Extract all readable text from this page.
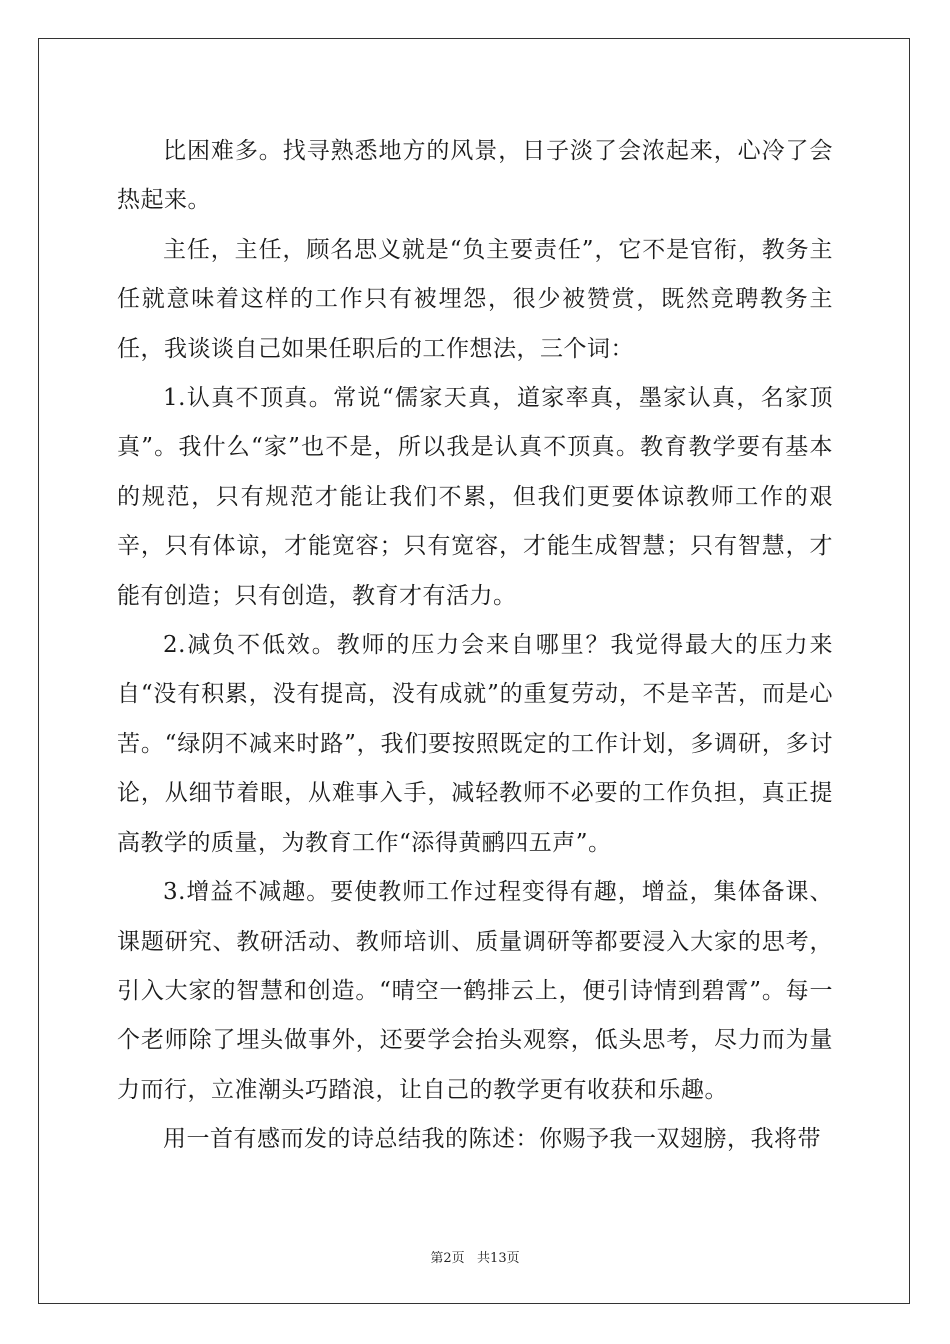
比困难多。找寻熟悉地方的风景，日子淡了会浓起来，心冷了会热起来。

主任，主任，顾名思义就是“负主要责任”，它不是官衔，教务主任就意味着这样的工作只有被埋怨，很少被赞赏，既然竞聘教务主任，我谈谈自己如果任职后的工作想法，三个词：

1.认真不顶真。常说“儒家天真，道家率真，墨家认真，名家顶真”。我什么“家”也不是，所以我是认真不顶真。教育教学要有基本的规范，只有规范才能让我们不累，但我们更要体谅教师工作的艰辛，只有体谅，才能宽容；只有宽容，才能生成智慧；只有智慧，才能有创造；只有创造，教育才有活力。

2.减负不低效。教师的压力会来自哪里？我觉得最大的压力来自“没有积累，没有提高，没有成就”的重复劳动，不是辛苦，而是心苦。“绿阴不减来时路”，我们要按照既定的工作计划，多调研，多讨论，从细节着眼，从难事入手，减轻教师不必要的工作负担，真正提高教学的质量，为教育工作“添得黄鹂四五声”。

3.增益不减趣。要使教师工作过程变得有趣，增益，集体备课、课题研究、教研活动、教师培训、质量调研等都要浸入大家的思考，引入大家的智慧和创造。“晴空一鹤排云上，便引诗情到碧霄”。每一个老师除了埋头做事外，还要学会抬头观察，低头思考，尽力而为量力而行，立准潮头巧踏浪，让自己的教学更有收获和乐趣。

用一首有感而发的诗总结我的陈述：你赐予我一双翅膀，我将带

第2页   共13页
